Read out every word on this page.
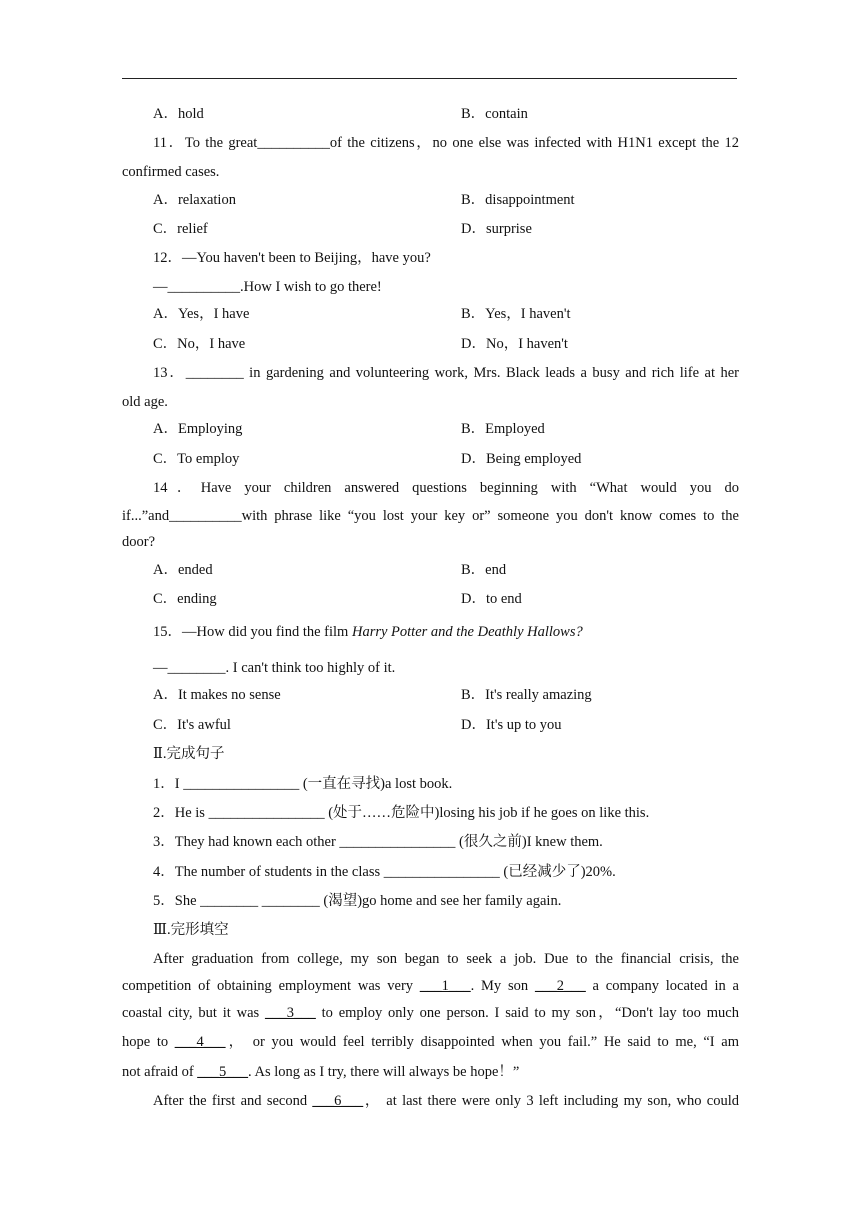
A．hold	B．contain
11．To the great__________of the citizens，no one else was infected with H1N1 except the 12
confirmed cases.
A．relaxation	B．disappointment
C．relief	D．surprise
12．—You haven't been to Beijing，have you?
—__________.How I wish to go there!
A．Yes，I have	B．Yes，I haven't
C．No，I have	D．No，I haven't
13．________ in gardening and volunteering work, Mrs. Black leads a busy and rich life at her
old age.
A．Employing	B．Employed
C．To employ	D．Being employed
14．Have your children answered questions beginning with “What would you do
if...”and__________with phrase like “you lost your key or” someone you don't know comes to the
door?
A．ended	B．end
C．ending	D．to end
15．—How did you find the film Harry Potter and the Deathly Hallows?
—________. I can't think too highly of it.
A．It makes no sense	B．It's really amazing
C．It's awful	D．It's up to you
Ⅱ.完成句子
1．I ________________ (一直在寻找)a lost book.
2．He is ________________ (处于……危险中)losing his job if he goes on like this.
3．They had known each other ________________ (很久之前)I knew them.
4．The number of students in the class ________________ (已经减少了)20%.
5．She ________ ________ (渴望)go home and see her family again.
Ⅲ.完形填空
After graduation from college, my son began to seek a job. Due to the financial crisis, the
competition of obtaining employment was very ___1___. My son ___2___ a company located in a
coastal city, but it was ___3___ to employ only one person. I said to my son，“Don't lay too much
hope to ___4___， or you would feel terribly disappointed when you fail.” He said to me, “I am
not afraid of ___5___. As long as I try, there will always be hope！”
After the first and second ___6___， at last there were only 3 left including my son, who could
